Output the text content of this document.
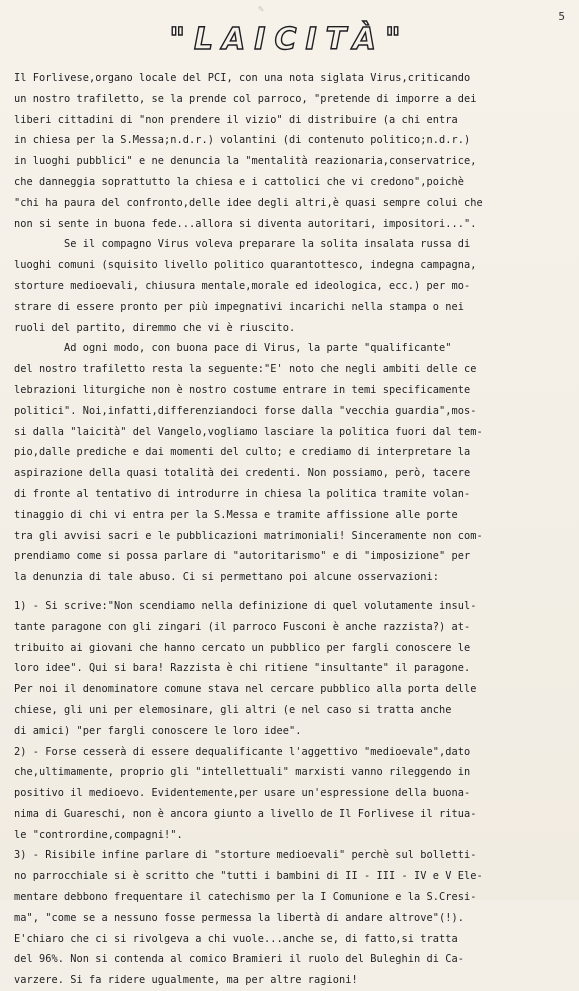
✎
5
"LAICITÀ"
Il Forlivese,organo locale del PCI, con una nota siglata Virus,criticando
un nostro trafiletto, se la prende col parroco, "pretende di imporre a dei
liberi cittadini di "non prendere il vizio" di distribuire (a chi entra
in chiesa per la S.Messa;n.d.r.) volantini (di contenuto politico;n.d.r.)
in luoghi pubblici" e ne denuncia la "mentalità reazionaria,conservatrice,
che danneggia soprattutto la chiesa e i cattolici che vi credono",poichè
"chi ha paura del confronto,delle idee degli altri,è quasi sempre colui che
non si sente in buona fede...allora si diventa autoritari, impositori...".
Se il compagno Virus voleva preparare la solita insalata russa di
luoghi comuni (squisito livello politico quarantottesco, indegna campagna,
storture medioevali, chiusura mentale,morale ed ideologica, ecc.) per mo-
strare di essere pronto per più impegnativi incarichi nella stampa o nei
ruoli del partito, diremmo che vi è riuscito.
Ad ogni modo, con buona pace di Virus, la parte "qualificante"
del nostro trafiletto resta la seguente:"E' noto che negli ambiti delle ce
lebrazioni liturgiche non è nostro costume entrare in temi specificamente
politici". Noi,infatti,differenziandoci forse dalla "vecchia guardia",mos-
si dalla "laicità" del Vangelo,vogliamo lasciare la politica fuori dal tem-
pio,dalle prediche e dai momenti del culto; e crediamo di interpretare la
aspirazione della quasi totalità dei credenti. Non possiamo, però, tacere
di fronte al tentativo di introdurre in chiesa la politica tramite volan-
tinaggio di chi vi entra per la S.Messa e tramite affissione alle porte
tra gli avvisi sacri e le pubblicazioni matrimoniali! Sinceramente non com-
prendiamo come si possa parlare di "autoritarismo" e di "imposizione" per
la denunzia di tale abuso. Ci si permettano poi alcune osservazioni:
1) - Si scrive:"Non scendiamo nella definizione di quel volutamente insul-
tante paragone con gli zingari (il parroco Fusconi è anche razzista?) at-
tribuito ai giovani che hanno cercato un pubblico per fargli conoscere le
loro idee". Qui si bara! Razzista è chi ritiene "insultante" il paragone.
Per noi il denominatore comune stava nel cercare pubblico alla porta delle
chiese, gli uni per elemosinare, gli altri (e nel caso si tratta anche
di amici) "per fargli conoscere le loro idee".
2) - Forse cesserà di essere dequalificante l'aggettivo "medioevale",dato
che,ultimamente, proprio gli "intellettuali" marxisti vanno rileggendo in
positivo il medioevo. Evidentemente,per usare un'espressione della buona-
nima di Guareschi, non è ancora giunto a livello de Il Forlivese il ritua-
le "contrordine,compagni!".
3) - Risibile infine parlare di "storture medioevali" perchè sul bolletti-
no parrocchiale si è scritto che "tutti i bambini di II - III - IV e V Ele-
mentare debbono frequentare il catechismo per la I Comunione e la S.Cresi-
ma", "come se a nessuno fosse permessa la libertà di andare altrove"(!).
E'chiaro che ci si rivolgeva a chi vuole...anche se, di fatto,si tratta
del 96%. Non si contenda al comico Bramieri il ruolo del Buleghin di Ca-
varzere. Si fa ridere ugualmente, ma per altre ragioni!
